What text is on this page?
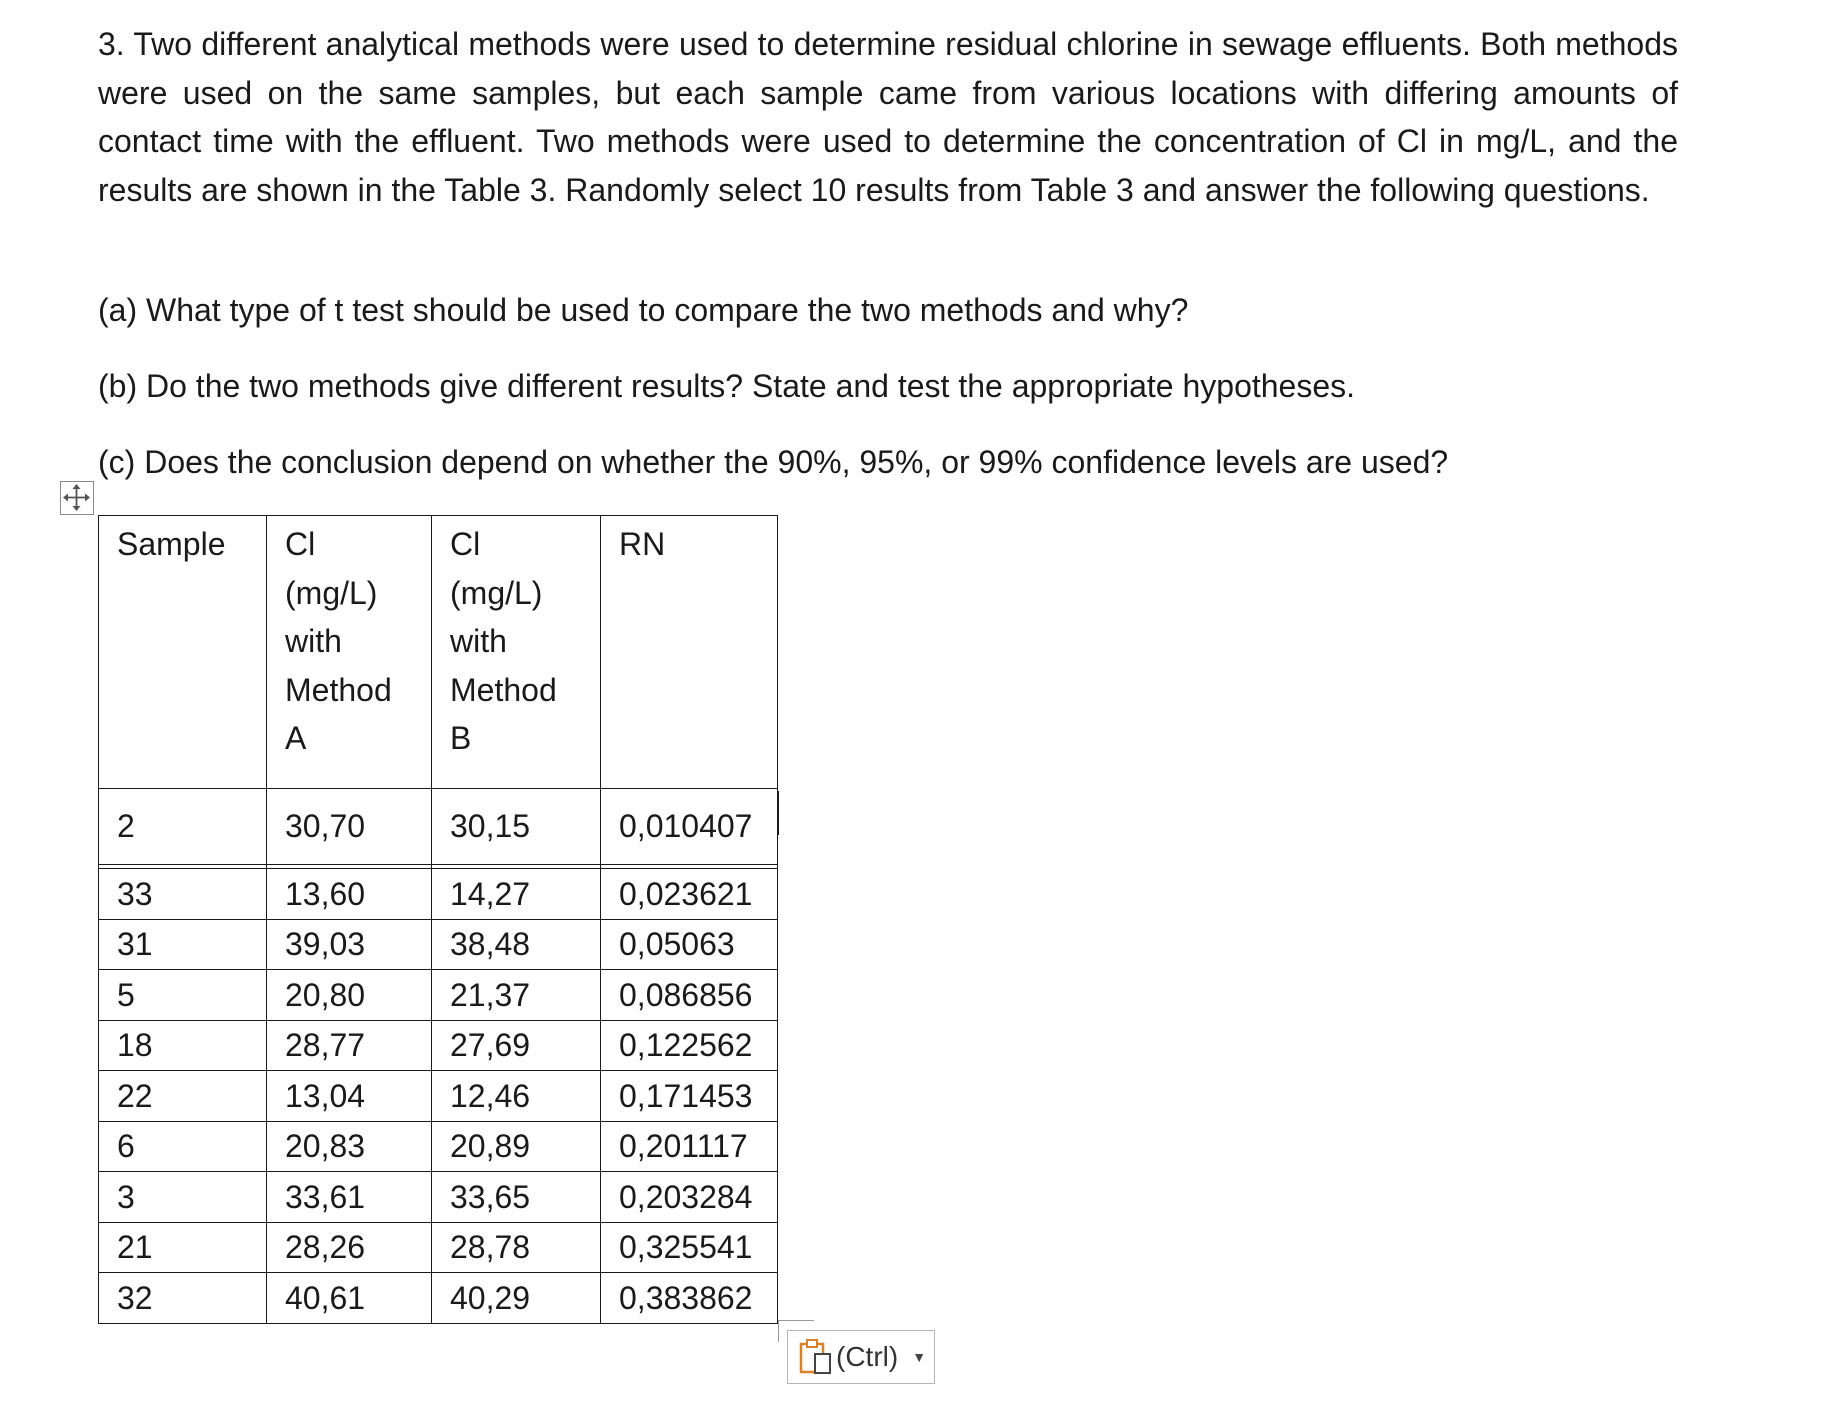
3. Two different analytical methods were used to determine residual chlorine in sewage effluents. Both methods were used on the same samples, but each sample came from various locations with differing amounts of contact time with the effluent. Two methods were used to determine the concentration of Cl in mg/L, and the results are shown in the Table 3. Randomly select 10 results from Table 3 and answer the following questions.

(a) What type of t test should be used to compare the two methods and why?

(b) Do the two methods give different results? State and test the appropriate hypotheses.

(c) Does the conclusion depend on whether the 90%, 95%, or 99% confidence levels are used?

Sample	Cl
(mg/L)
with
Method
A	Cl
(mg/L)
with
Method
B	RN

2	30,70	30,15	0,010407

33	13,60	14,27	0,023621
31	39,03	38,48	0,05063
5	20,80	21,37	0,086856
18	28,77	27,69	0,122562
22	13,04	12,46	0,171453
6	20,83	20,89	0,201117
3	33,61	33,65	0,203284
21	28,26	28,78	0,325541
32	40,61	40,29	0,383862
(Ctrl) ▼
